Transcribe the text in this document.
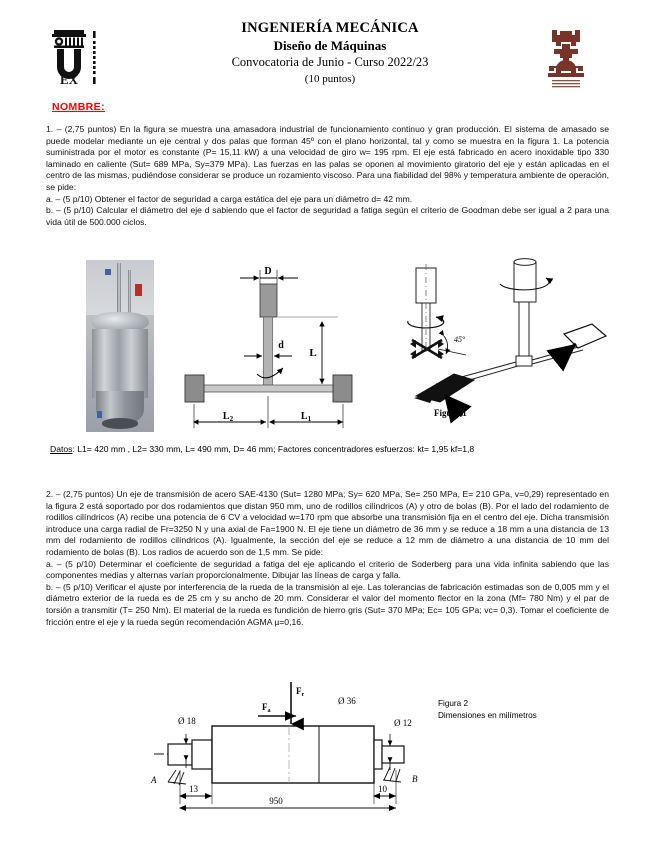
EX
INGENIERÍA MECÁNICA
Diseño de Máquinas
Convocatoria de Junio - Curso 2022/23
(10 puntos)
NOMBRE:
1. – (2,75 puntos) En la figura se muestra una amasadora industrial de funcionamiento continuo y gran producción. El sistema de amasado se puede modelar mediante un eje central y dos palas que forman 45º con el plano horizontal, tal y como se muestra en la figura 1. La potencia suministrada por el motor es constante (P= 15,11 kW) a una velocidad de giro w= 195 rpm. El eje está fabricado en acero inoxidable tipo 330 laminado en caliente (Sut= 689 MPa, Sy=379 MPa). Las fuerzas en las palas se oponen al movimiento giratorio del eje y están aplicadas en el centro de las mismas, pudiéndose considerar se produce un rozamiento viscoso. Para una fiabilidad del 98% y temperatura ambiente de operación, se pide:
a. – (5 p/10) Obtener el factor de seguridad a carga estática del eje para un diámetro d= 42 mm.
b. – (5 p/10) Calcular el diámetro del eje d sabiendo que el factor de seguridad a fatiga según el criterio de Goodman debe ser igual a 2 para una vida útil de 500.000 ciclos.
D
d
L
$L_2$	$L_1$
45°
Figura 1
Datos: L1= 420 mm , L2= 330 mm, L= 490 mm, D= 46 mm; Factores concentradores esfuerzos: kt= 1,95 kf=1,8
2. – (2,75 puntos) Un eje de transmisión de acero SAE-4130 (Sut= 1280 MPa; Sy= 620 MPa, Se= 250 MPa, E= 210 GPa, v=0,29) representado en la figura 2 está soportado por dos rodamientos que distan 950 mm, uno de rodillos cilíndricos (A) y otro de bolas (B). Por el lado del rodamiento de rodillos cilíndricos (A) recibe una potencia de 6 CV a velocidad w=170 rpm que absorbe una transmisión fija en el centro del eje. Dicha transmisión introduce una carga radial de Fr=3250 N y una axial de Fa=1900 N. El eje tiene un diámetro de 36 mm y se reduce a 18 mm a una distancia de 13 mm del rodamiento de rodillos cilíndricos (A). Igualmente, la sección del eje se reduce a 12 mm de diámetro a una distancia de 10 mm del rodamiento de bolas (B). Los radios de acuerdo son de 1,5 mm. Se pide:
a. – (5 p/10) Determinar el coeficiente de seguridad a fatiga del eje aplicando el criterio de Soderberg para una vida infinita sabiendo que las componentes medias y alternas varían proporcionalmente. Dibujar las líneas de carga y falla.
b. – (5 p/10) Verificar el ajuste por interferencia de la rueda de la transmisión al eje. Las tolerancias de fabricación estimadas son de 0,005 mm y el diámetro exterior de la rueda es de 25 cm y su ancho de 20 mm. Considerar el valor del momento flector en la zona (Mf= 780 Nm) y el par de torsión a transmitir (T= 250 Nm). El material de la rueda es fundición de hierro gris (Sut= 370 MPa; Ec= 105 GPa; vc= 0,3). Tomar el coeficiente de fricción entre el eje y la rueda según recomendación AGMA µ=0,16.
Ø 18
Ø 36
Ø 12
$F_a$
$F_r$
A	B
13	10
950
Figura 2
Dimensiones en milímetros
